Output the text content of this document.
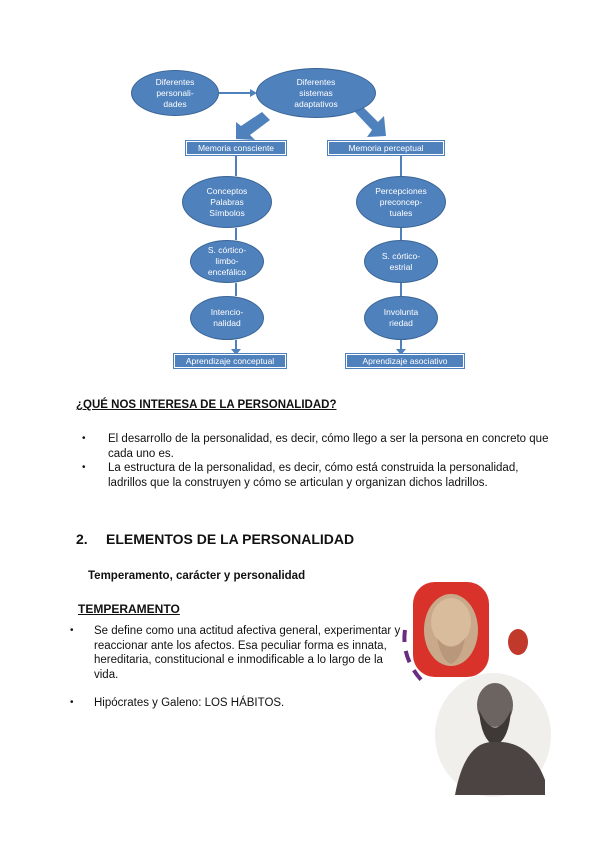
Diferentes
personali-
dades
Diferentes
sistemas
adaptativos
Memoria consciente	Memoria perceptual
Conceptos
Palabras
Símbolos
S. córtico-
limbo-
encefálico
Intencio-
nalidad
Percepciones
preconcep-
tuales
S. córtico-
estrial
Involunta
riedad
Aprendizaje conceptual	Aprendizaje asociativo
¿QUÉ NOS INTERESA DE LA PERSONALIDAD?
• El desarrollo de la personalidad, es decir, cómo llego a ser la persona en concreto que cada uno es.
• La estructura de la personalidad, es decir, cómo está construida la personalidad, ladrillos que la construyen y cómo se articulan y organizan dichos ladrillos.
2. ELEMENTOS DE LA PERSONALIDAD
Temperamento, carácter y personalidad
TEMPERAMENTO
• Se define como una actitud afectiva general, experimentar y reaccionar ante los afectos. Esa peculiar forma es innata, hereditaria, constitucional e inmodificable a lo largo de la vida.
• Hipócrates y Galeno: LOS HÁBITOS.
